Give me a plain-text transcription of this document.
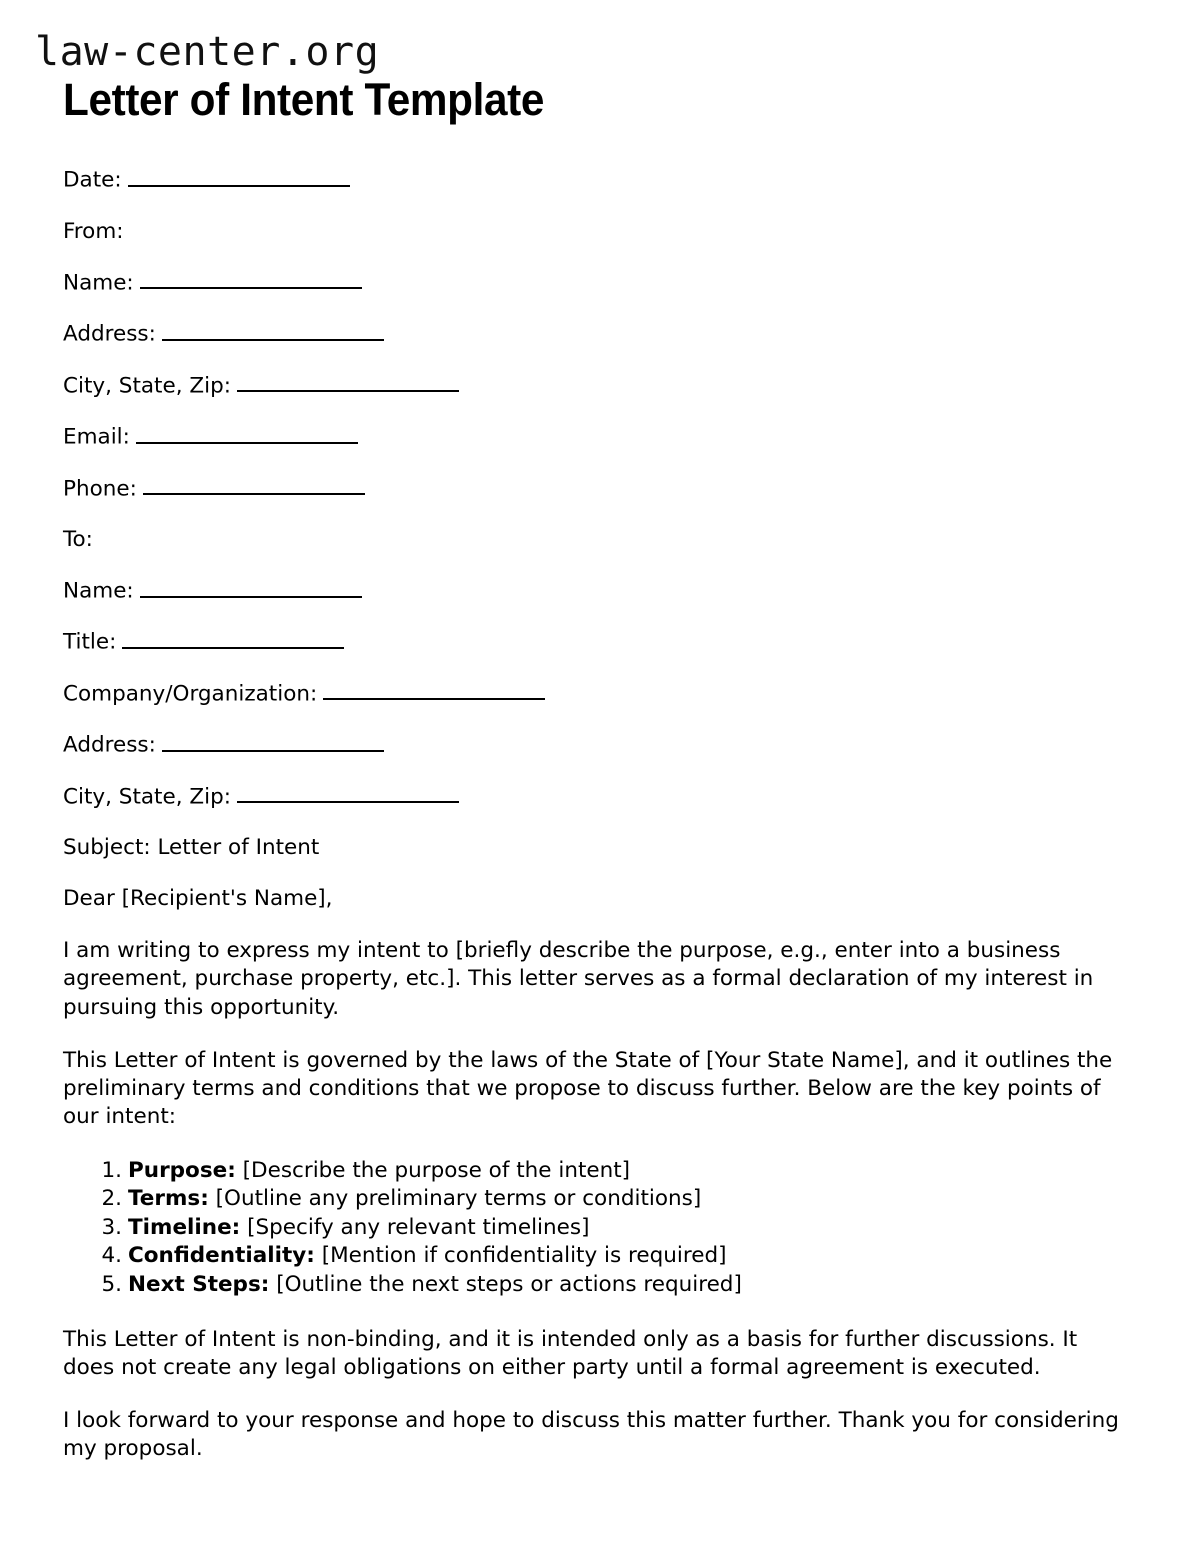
law-center.org
Letter of Intent Template
Date:
From:
Name:
Address:
City, State, Zip:
Email:
Phone:
To:
Name:
Title:
Company/Organization:
Address:
City, State, Zip:
Subject: Letter of Intent
Dear [Recipient's Name],

I am writing to express my intent to [briefly describe the purpose, e.g., enter into a business agreement, purchase property, etc.]. This letter serves as a formal declaration of my interest in pursuing this opportunity.

This Letter of Intent is governed by the laws of the State of [Your State Name], and it outlines the preliminary terms and conditions that we propose to discuss further. Below are the key points of our intent:

Purpose: [Describe the purpose of the intent]
Terms: [Outline any preliminary terms or conditions]
Timeline: [Specify any relevant timelines]
Confidentiality: [Mention if confidentiality is required]
Next Steps: [Outline the next steps or actions required]

This Letter of Intent is non-binding, and it is intended only as a basis for further discussions. It does not create any legal obligations on either party until a formal agreement is executed.

I look forward to your response and hope to discuss this matter further. Thank you for considering my proposal.
